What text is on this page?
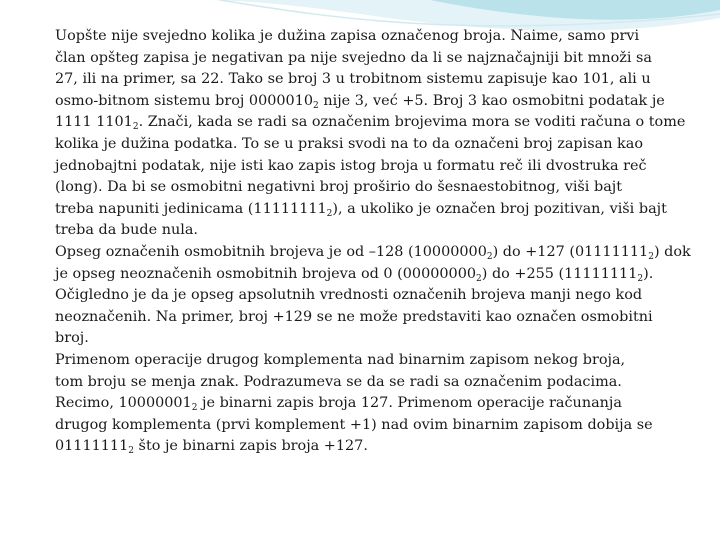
Uopšte nije svejedno kolika je dužina zapisa označenog broja. Naime, samo prvi
član opšteg zapisa je negativan pa nije svejedno da li se najznačajniji bit množi sa
27, ili na primer, sa 22. Tako se broj 3 u trobitnom sistemu zapisuje kao 101, ali u
osmo-bitnom sistemu broj $0000010_2$ nije 3, već +5. Broj 3 kao osmobitni podatak je
1111 $1101_2$. Znači, kada se radi sa označenim brojevima mora se voditi računa o tome
kolika je dužina podatka. To se u praksi svodi na to da označeni broj zapisan kao
jednobajtni podatak, nije isti kao zapis istog broja u formatu reč ili dvostruka reč
(long). Da bi se osmobitni negativni broj proširio do šesnaestobitnog, viši bajt
treba napuniti jedinicama $(11111111_2)$, a ukoliko je označen broj pozitivan, viši bajt
treba da bude nula.
Opseg označenih osmobitnih brojeva je od –128 $(10000000_2)$ do +127 $(01111111_2)$ dok
je opseg neoznačenih osmobitnih brojeva od 0 $(00000000_2)$ do +255 $(11111111_2)$.
Očigledno je da je opseg apsolutnih vrednosti označenih brojeva manji nego kod
neoznačenih. Na primer, broj +129 se ne može predstaviti kao označen osmobitni
broj.
Primenom operacije drugog komplementa nad binarnim zapisom nekog broja,
tom broju se menja znak. Podrazumeva se da se radi sa označenim podacima.
Recimo, $10000001_2$ je binarni zapis broja 127. Primenom operacije računanja
drugog komplementa (prvi komplement +1) nad ovim binarnim zapisom dobija se
$01111111_2$ što je binarni zapis broja +127.
